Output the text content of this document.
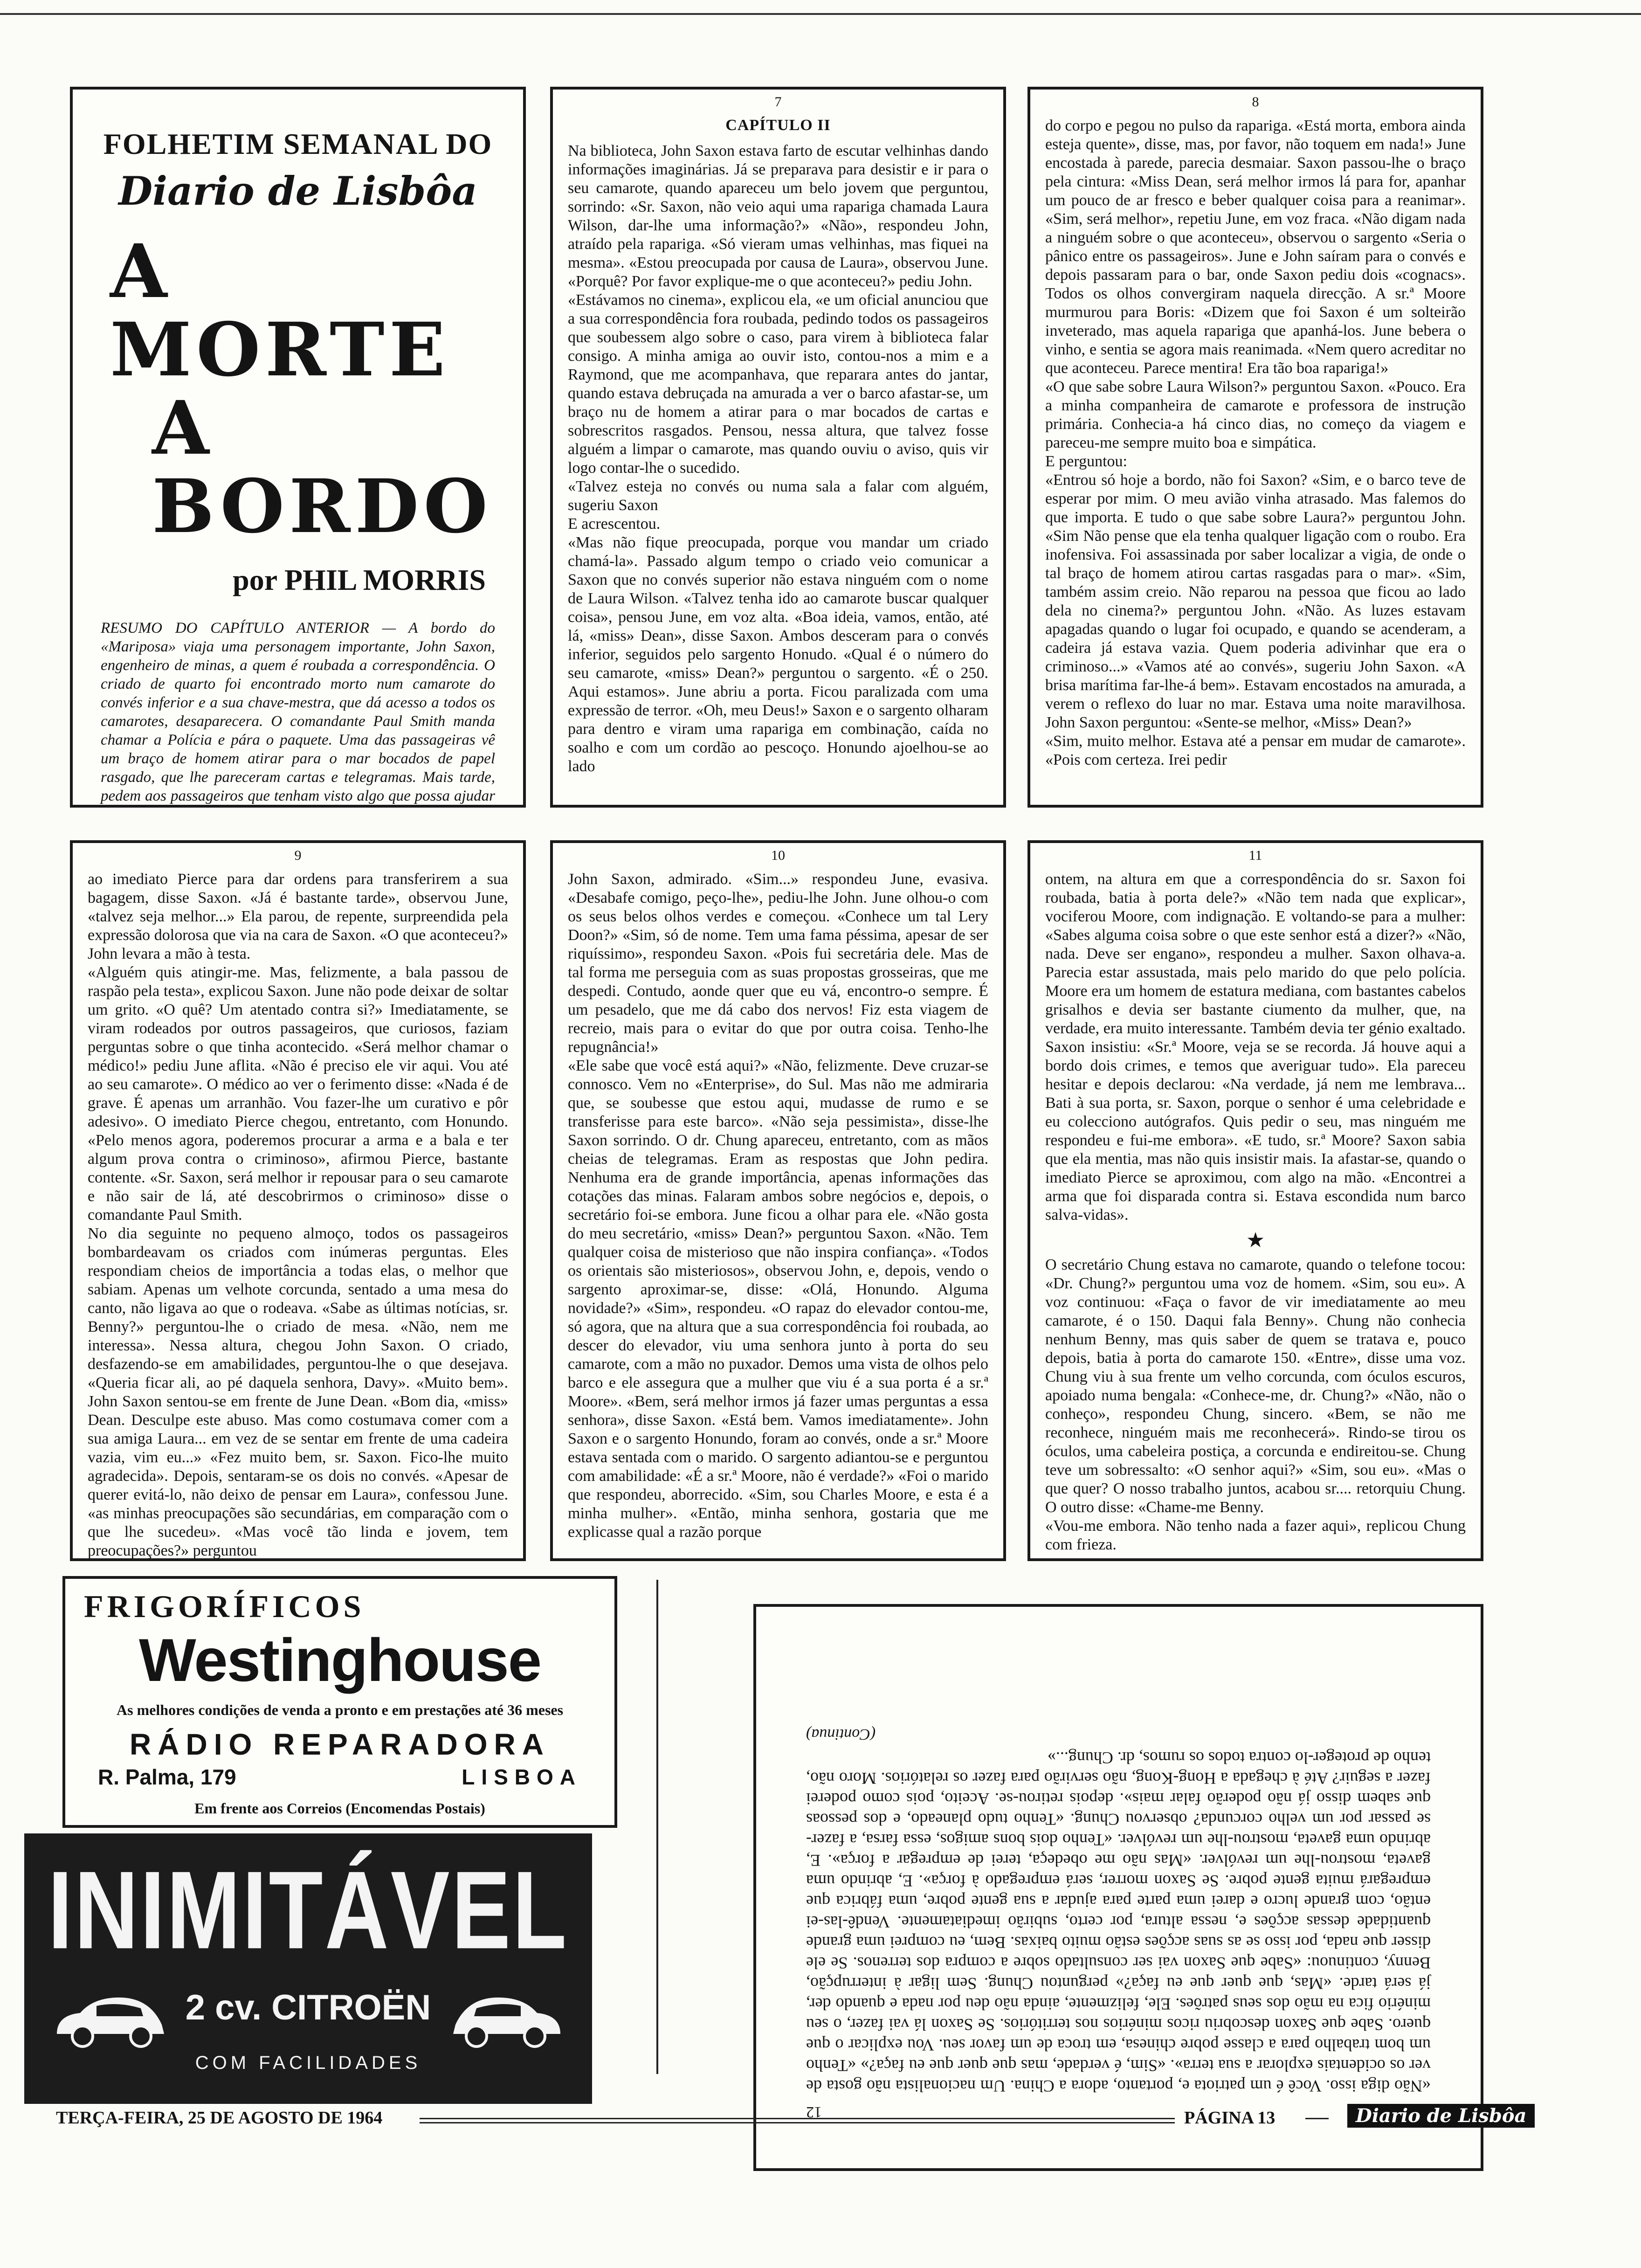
FOLHETIM SEMANAL DO
Diario de Lisbôa
A MORTE
A BORDO
por PHIL MORRIS
RESUMO DO CAPÍTULO ANTERIOR — A bordo do «Mariposa» viaja uma personagem importante, John Saxon, engenheiro de minas, a quem é roubada a correspondência. O criado de quarto foi encontrado morto num camarote do convés inferior e a sua chave-mestra, que dá acesso a todos os camarotes, desaparecera. O comandante Paul Smith manda chamar a Polícia e pára o paquete. Uma das passageiras vê um braço de homem atirar para o mar bocados de papel rasgado, que lhe pareceram cartas e telegramas. Mais tarde, pedem aos passageiros que tenham visto algo que possa ajudar
7
CAPÍTULO II

Na biblioteca, John Saxon estava farto de escutar velhinhas dando informações imaginárias. Já se preparava para desistir e ir para o seu camarote, quando apareceu um belo jovem que perguntou, sorrindo: «Sr. Saxon, não veio aqui uma rapariga chamada Laura Wilson, dar-lhe uma informação?» «Não», respondeu John, atraído pela rapariga. «Só vieram umas velhinhas, mas fiquei na mesma». «Estou preocupada por causa de Laura», observou June. «Porquê? Por favor explique-me o que aconteceu?» pediu John.
«Estávamos no cinema», explicou ela, «e um oficial anunciou que a sua correspondência fora roubada, pedindo todos os passageiros que soubessem algo sobre o caso, para virem à biblioteca falar consigo. A minha amiga ao ouvir isto, contou-nos a mim e a Raymond, que me acompanhava, que reparara antes do jantar, quando estava debruçada na amurada a ver o barco afastar-se, um braço nu de homem a atirar para o mar bocados de cartas e sobrescritos rasgados. Pensou, nessa altura, que talvez fosse alguém a limpar o camarote, mas quando ouviu o aviso, quis vir logo contar-lhe o sucedido.
«Talvez esteja no convés ou numa sala a falar com alguém, sugeriu Saxon
E acrescentou.
«Mas não fique preocupada, porque vou mandar um criado chamá-la». Passado algum tempo o criado veio comunicar a Saxon que no convés superior não estava ninguém com o nome de Laura Wilson. «Talvez tenha ido ao camarote buscar qualquer coisa», pensou June, em voz alta. «Boa ideia, vamos, então, até lá, «miss» Dean», disse Saxon. Ambos desceram para o convés inferior, seguidos pelo sargento Honudo. «Qual é o número do seu camarote, «miss» Dean?» perguntou o sargento. «É o 250. Aqui estamos». June abriu a porta. Ficou paralizada com uma expressão de terror. «Oh, meu Deus!» Saxon e o sargento olharam para dentro e viram uma rapariga em combinação, caída no soalho e com um cordão ao pescoço. Honundo ajoelhou-se ao lado

8

do corpo e pegou no pulso da rapariga. «Está morta, embora ainda esteja quente», disse, mas, por favor, não toquem em nada!» June encostada à parede, parecia desmaiar. Saxon passou-lhe o braço pela cintura: «Miss Dean, será melhor irmos lá para for, apanhar um pouco de ar fresco e beber qualquer coisa para a reanimar». «Sim, será melhor», repetiu June, em voz fraca. «Não digam nada a ninguém sobre o que aconteceu», observou o sargento «Seria o pânico entre os passageiros». June e John saíram para o convés e depois passaram para o bar, onde Saxon pediu dois «cognacs». Todos os olhos convergiram naquela direcção. A sr.ª Moore murmurou para Boris: «Dizem que foi Saxon é um solteirão inveterado, mas aquela rapariga que apanhá-los. June bebera o vinho, e sentia se agora mais reanimada. «Nem quero acreditar no que aconteceu. Parece mentira! Era tão boa rapariga!»
«O que sabe sobre Laura Wilson?» perguntou Saxon. «Pouco. Era a minha companheira de camarote e professora de instrução primária. Conhecia-a há cinco dias, no começo da viagem e pareceu-me sempre muito boa e simpática.
E perguntou:
«Entrou só hoje a bordo, não foi Saxon? «Sim, e o barco teve de esperar por mim. O meu avião vinha atrasado. Mas falemos do que importa. E tudo o que sabe sobre Laura?» perguntou John. «Sim Não pense que ela tenha qualquer ligação com o roubo. Era inofensiva. Foi assassinada por saber localizar a vigia, de onde o tal braço de homem atirou cartas rasgadas para o mar». «Sim, também assim creio. Não reparou na pessoa que ficou ao lado dela no cinema?» perguntou John. «Não. As luzes estavam apagadas quando o lugar foi ocupado, e quando se acenderam, a cadeira já estava vazia. Quem poderia adivinhar que era o criminoso...» «Vamos até ao convés», sugeriu John Saxon. «A brisa marítima far-lhe-á bem». Estavam encostados na amurada, a verem o reflexo do luar no mar. Estava uma noite maravilhosa. John Saxon perguntou: «Sente-se melhor, «Miss» Dean?»
«Sim, muito melhor. Estava até a pensar em mudar de camarote». «Pois com certeza. Irei pedir

9

ao imediato Pierce para dar ordens para transferirem a sua bagagem, disse Saxon. «Já é bastante tarde», observou June, «talvez seja melhor...» Ela parou, de repente, surpreendida pela expressão dolorosa que via na cara de Saxon. «O que aconteceu?» John levara a mão à testa.
«Alguém quis atingir-me. Mas, felizmente, a bala passou de raspão pela testa», explicou Saxon. June não pode deixar de soltar um grito. «O quê? Um atentado contra si?» Imediatamente, se viram rodeados por outros passageiros, que curiosos, faziam perguntas sobre o que tinha acontecido. «Será melhor chamar o médico!» pediu June aflita. «Não é preciso ele vir aqui. Vou até ao seu camarote». O médico ao ver o ferimento disse: «Nada é de grave. É apenas um arranhão. Vou fazer-lhe um curativo e pôr adesivo». O imediato Pierce chegou, entretanto, com Honundo. «Pelo menos agora, poderemos procurar a arma e a bala e ter algum prova contra o criminoso», afirmou Pierce, bastante contente. «Sr. Saxon, será melhor ir repousar para o seu camarote e não sair de lá, até descobrirmos o criminoso» disse o comandante Paul Smith.
No dia seguinte no pequeno almoço, todos os passageiros bombardeavam os criados com inúmeras perguntas. Eles respondiam cheios de importância a todas elas, o melhor que sabiam. Apenas um velhote corcunda, sentado a uma mesa do canto, não ligava ao que o rodeava. «Sabe as últimas notícias, sr. Benny?» perguntou-lhe o criado de mesa. «Não, nem me interessa». Nessa altura, chegou John Saxon. O criado, desfazendo-se em amabilidades, perguntou-lhe o que desejava. «Queria ficar ali, ao pé daquela senhora, Davy». «Muito bem». John Saxon sentou-se em frente de June Dean. «Bom dia, «miss» Dean. Desculpe este abuso. Mas como costumava comer com a sua amiga Laura... em vez de se sentar em frente de uma cadeira vazia, vim eu...» «Fez muito bem, sr. Saxon. Fico-lhe muito agradecida». Depois, sentaram-se os dois no convés. «Apesar de querer evitá-lo, não deixo de pensar em Laura», confessou June. «as minhas preocupações são secundárias, em comparação com o que lhe sucedeu». «Mas você tão linda e jovem, tem preocupações?» perguntou

10

John Saxon, admirado. «Sim...» respondeu June, evasiva. «Desabafe comigo, peço-lhe», pediu-lhe John. June olhou-o com os seus belos olhos verdes e começou. «Conhece um tal Lery Doon?» «Sim, só de nome. Tem uma fama péssima, apesar de ser riquíssimo», respondeu Saxon. «Pois fui secretária dele. Mas de tal forma me perseguia com as suas propostas grosseiras, que me despedi. Contudo, aonde quer que eu vá, encontro-o sempre. É um pesadelo, que me dá cabo dos nervos! Fiz esta viagem de recreio, mais para o evitar do que por outra coisa. Tenho-lhe repugnância!»
«Ele sabe que você está aqui?» «Não, felizmente. Deve cruzar-se connosco. Vem no «Enterprise», do Sul. Mas não me admiraria que, se soubesse que estou aqui, mudasse de rumo e se transferisse para este barco». «Não seja pessimista», disse-lhe Saxon sorrindo. O dr. Chung apareceu, entretanto, com as mãos cheias de telegramas. Eram as respostas que John pedira. Nenhuma era de grande importância, apenas informações das cotações das minas. Falaram ambos sobre negócios e, depois, o secretário foi-se embora. June ficou a olhar para ele. «Não gosta do meu secretário, «miss» Dean?» perguntou Saxon. «Não. Tem qualquer coisa de misterioso que não inspira confiança». «Todos os orientais são misteriosos», observou John, e, depois, vendo o sargento aproximar-se, disse: «Olá, Honundo. Alguma novidade?» «Sim», respondeu. «O rapaz do elevador contou-me, só agora, que na altura que a sua correspondência foi roubada, ao descer do elevador, viu uma senhora junto à porta do seu camarote, com a mão no puxador. Demos uma vista de olhos pelo barco e ele assegura que a mulher que viu é a sua porta é a sr.ª Moore». «Bem, será melhor irmos já fazer umas perguntas a essa senhora», disse Saxon. «Está bem. Vamos imediatamente». John Saxon e o sargento Honundo, foram ao convés, onde a sr.ª Moore estava sentada com o marido. O sargento adiantou-se e perguntou com amabilidade: «É a sr.ª Moore, não é verdade?» «Foi o marido que respondeu, aborrecido. «Sim, sou Charles Moore, e esta é a minha mulher». «Então, minha senhora, gostaria que me explicasse qual a razão porque

11

ontem, na altura em que a correspondência do sr. Saxon foi roubada, batia à porta dele?» «Não tem nada que explicar», vociferou Moore, com indignação. E voltando-se para a mulher: «Sabes alguma coisa sobre o que este senhor está a dizer?» «Não, nada. Deve ser engano», respondeu a mulher. Saxon olhava-a. Parecia estar assustada, mais pelo marido do que pelo polícia. Moore era um homem de estatura mediana, com bastantes cabelos grisalhos e devia ser bastante ciumento da mulher, que, na verdade, era muito interessante. Também devia ter génio exaltado. Saxon insistiu: «Sr.ª Moore, veja se se recorda. Já houve aqui a bordo dois crimes, e temos que averiguar tudo». Ela pareceu hesitar e depois declarou: «Na verdade, já nem me lembrava... Bati à sua porta, sr. Saxon, porque o senhor é uma celebridade e eu colecciono autógrafos. Quis pedir o seu, mas ninguém me respondeu e fui-me embora». «E tudo, sr.ª Moore? Saxon sabia que ela mentia, mas não quis insistir mais. Ia afastar-se, quando o imediato Pierce se aproximou, com algo na mão. «Encontrei a arma que foi disparada contra si. Estava escondida num barco salva-vidas».

★

O secretário Chung estava no camarote, quando o telefone tocou: «Dr. Chung?» perguntou uma voz de homem. «Sim, sou eu». A voz continuou: «Faça o favor de vir imediatamente ao meu camarote, é o 150. Daqui fala Benny». Chung não conhecia nenhum Benny, mas quis saber de quem se tratava e, pouco depois, batia à porta do camarote 150. «Entre», disse uma voz. Chung viu à sua frente um velho corcunda, com óculos escuros, apoiado numa bengala: «Conhece-me, dr. Chung?» «Não, não o conheço», respondeu Chung, sincero. «Bem, se não me reconhece, ninguém mais me reconhecerá». Rindo-se tirou os óculos, uma cabeleira postiça, a corcunda e endireitou-se. Chung teve um sobressalto: «O senhor aqui?» «Sim, sou eu». «Mas o que quer? O nosso trabalho juntos, acabou sr.... retorquiu Chung. O outro disse: «Chame-me Benny.
«Vou-me embora. Não tenho nada a fazer aqui», replicou Chung com frieza.

12

«Não diga isso. Você é um patriota e, portanto, adora a China. Um nacionalista não gosta de ver os ocidentais explorar a sua terra». «Sim, é verdade, mas que quer que eu faça?» «Tenho um bom trabalho para a classe pobre chinesa, em troca de um favor seu. Vou explicar o que quero. Sabe que Saxon descobriu ricos minérios nos territórios. Se Saxon lá vai fazer, o seu minério fica na mão dos seus patrões. Ele, felizmente, ainda não deu por nada e quando der, já será tarde. «Mas, que quer que eu faça?» perguntou Chung. Sem ligar à interrupção, Benny, continuou: «Sabe que Saxon vai ser consultado sobre a compra dos terrenos. Se ele disser que nada, por isso se as suas acções estão muito baixas. Bem, eu comprei uma grande quantidade dessas acções e, nessa altura, por certo, subirão imediatamente. Vendê-las-ei então, com grande lucro e darei uma parte para ajudar a sua gente pobre, uma fábrica que empregará muita gente pobre. Se Saxon morrer, será empregado à força». E, abrindo uma gaveta, mostrou-lhe um revólver. «Mas não me obedeça, terei de empregar a força». E, abrindo uma gaveta, mostrou-lhe um revólver. «Tenho dois bons amigos, essa farsa, a fazer-se passar por um velho corcunda? observou Chung. «Tenho tudo planeado, e dos pessoas que sabem disso já não poderão falar mais». depois retirou-se. Aceito, pois como poderei fazer a seguir? Até à chegada a Hong-Kong, não servirão para fazer os relatórios. Moro não, tenho de proteger-lo contra todos os rumos, dr. Chung...»

(Continua)
FRIGORÍFICOS
Westinghouse
As melhores condições de venda a pronto e em prestações até 36 meses
RÁDIO REPARADORA
R. Palma, 179	LISBOA
Em frente aos Correios (Encomendas Postais)
INIMITÁVEL
2 cv. CITROËN
COM FACILIDADES
TERÇA-FEIRA, 25 DE AGOSTO DE 1964	PÁGINA 13	Diario de Lisbôa
